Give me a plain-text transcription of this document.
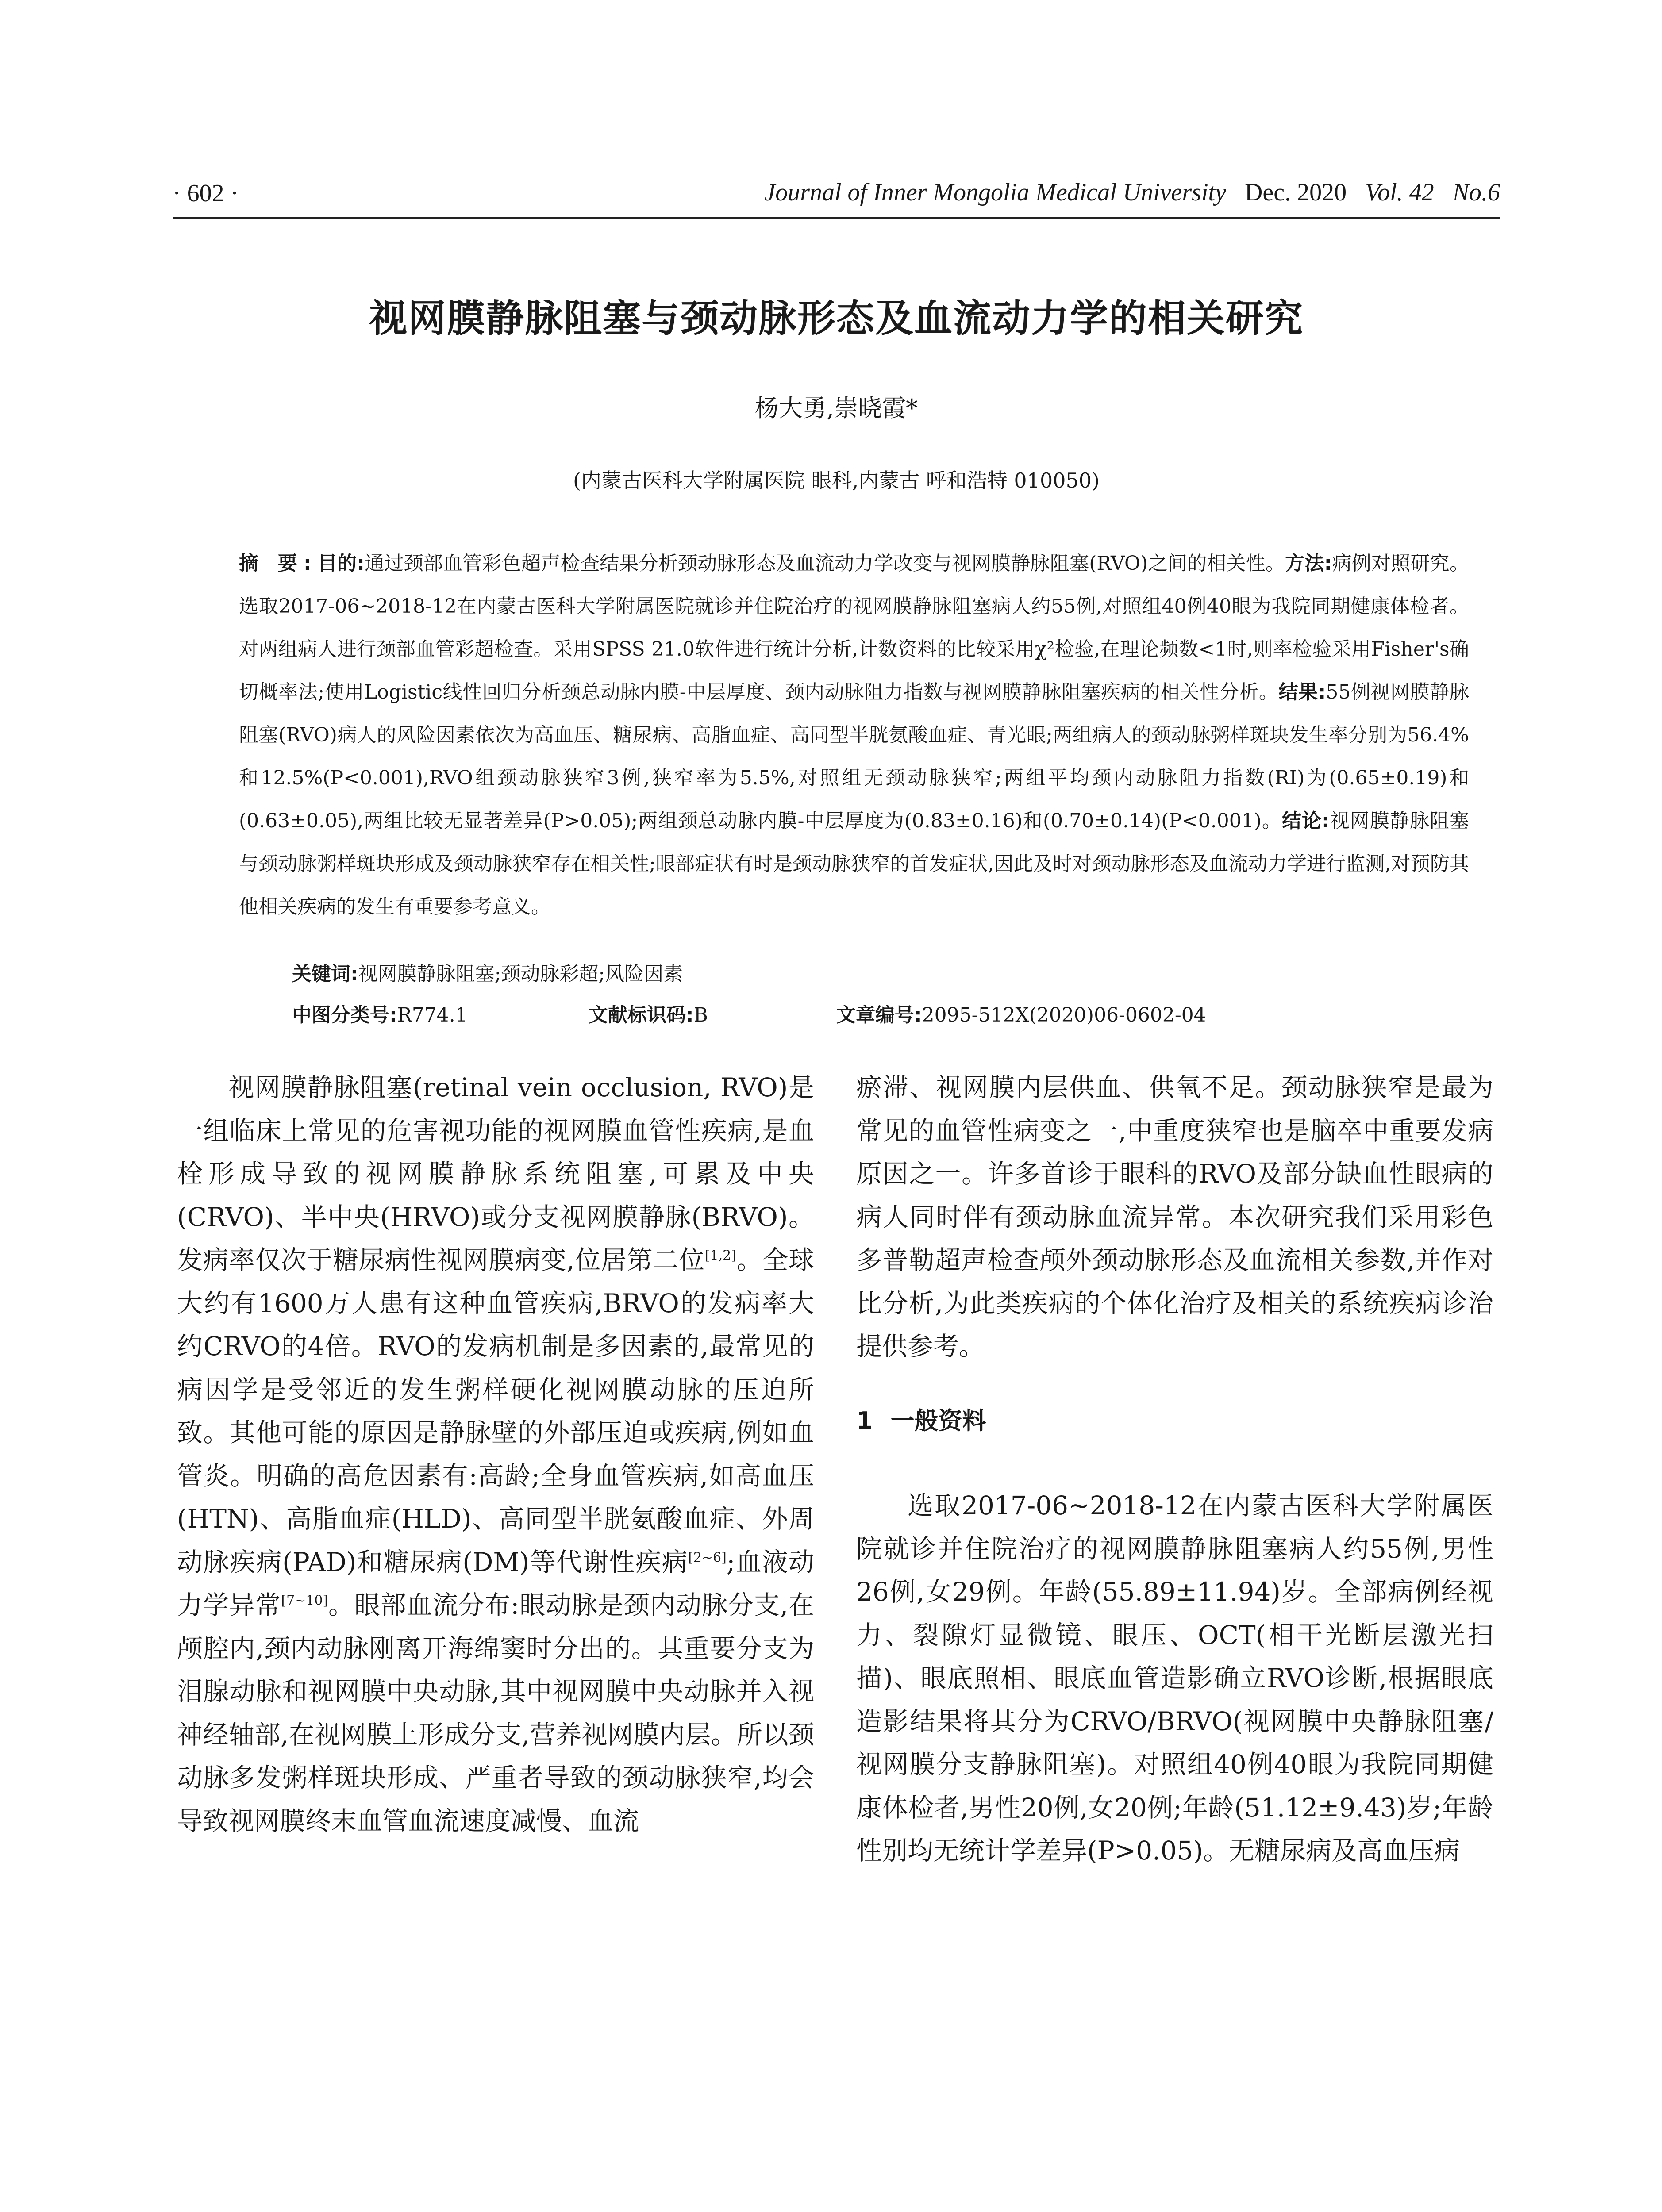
· 602 ·	Journal of Inner Mongolia Medical University Dec. 2020 Vol. 42 No.6
视网膜静脉阻塞与颈动脉形态及血流动力学的相关研究
杨大勇,崇晓霞*
(内蒙古医科大学附属医院 眼科,内蒙古 呼和浩特 010050)
摘 要:目的:通过颈部血管彩色超声检查结果分析颈动脉形态及血流动力学改变与视网膜静脉阻塞(RVO)之间的相关性。方法:病例对照研究。选取2017-06~2018-12在内蒙古医科大学附属医院就诊并住院治疗的视网膜静脉阻塞病人约55例,对照组40例40眼为我院同期健康体检者。对两组病人进行颈部血管彩超检查。采用SPSS 21.0软件进行统计分析,计数资料的比较采用χ²检验,在理论频数<1时,则率检验采用Fisher's确切概率法;使用Logistic线性回归分析颈总动脉内膜-中层厚度、颈内动脉阻力指数与视网膜静脉阻塞疾病的相关性分析。结果:55例视网膜静脉阻塞(RVO)病人的风险因素依次为高血压、糖尿病、高脂血症、高同型半胱氨酸血症、青光眼;两组病人的颈动脉粥样斑块发生率分别为56.4%和12.5%(P<0.001),RVO组颈动脉狭窄3例,狭窄率为5.5%,对照组无颈动脉狭窄;两组平均颈内动脉阻力指数(RI)为(0.65±0.19)和(0.63±0.05),两组比较无显著差异(P>0.05);两组颈总动脉内膜-中层厚度为(0.83±0.16)和(0.70±0.14)(P<0.001)。结论:视网膜静脉阻塞与颈动脉粥样斑块形成及颈动脉狭窄存在相关性;眼部症状有时是颈动脉狭窄的首发症状,因此及时对颈动脉形态及血流动力学进行监测,对预防其他相关疾病的发生有重要参考意义。
关键词:视网膜静脉阻塞;颈动脉彩超;风险因素
中图分类号:R774.1	文献标识码:B	文章编号:2095-512X(2020)06-0602-04

视网膜静脉阻塞(retinal vein occlusion, RVO)是一组临床上常见的危害视功能的视网膜血管性疾病,是血栓形成导致的视网膜静脉系统阻塞,可累及中央(CRVO)、半中央(HRVO)或分支视网膜静脉(BRVO)。发病率仅次于糖尿病性视网膜病变,位居第二位[1,2]。全球大约有1600万人患有这种血管疾病,BRVO的发病率大约CRVO的4倍。RVO的发病机制是多因素的,最常见的病因学是受邻近的发生粥样硬化视网膜动脉的压迫所致。其他可能的原因是静脉壁的外部压迫或疾病,例如血管炎。明确的高危因素有:高龄;全身血管疾病,如高血压(HTN)、高脂血症(HLD)、高同型半胱氨酸血症、外周动脉疾病(PAD)和糖尿病(DM)等代谢性疾病[2~6];血液动力学异常[7~10]。眼部血流分布:眼动脉是颈内动脉分支,在颅腔内,颈内动脉刚离开海绵窦时分出的。其重要分支为泪腺动脉和视网膜中央动脉,其中视网膜中央动脉并入视神经轴部,在视网膜上形成分支,营养视网膜内层。所以颈动脉多发粥样斑块形成、严重者导致的颈动脉狭窄,均会导致视网膜终末血管血流速度减慢、血流

瘀滞、视网膜内层供血、供氧不足。颈动脉狭窄是最为常见的血管性病变之一,中重度狭窄也是脑卒中重要发病原因之一。许多首诊于眼科的RVO及部分缺血性眼病的病人同时伴有颈动脉血流异常。本次研究我们采用彩色多普勒超声检查颅外颈动脉形态及血流相关参数,并作对比分析,为此类疾病的个体化治疗及相关的系统疾病诊治提供参考。

1 一般资料

选取2017-06~2018-12在内蒙古医科大学附属医院就诊并住院治疗的视网膜静脉阻塞病人约55例,男性26例,女29例。年龄(55.89±11.94)岁。全部病例经视力、裂隙灯显微镜、眼压、OCT(相干光断层激光扫描)、眼底照相、眼底血管造影确立RVO诊断,根据眼底造影结果将其分为CRVO/BRVO(视网膜中央静脉阻塞/视网膜分支静脉阻塞)。对照组40例40眼为我院同期健康体检者,男性20例,女20例;年龄(51.12±9.43)岁;年龄性别均无统计学差异(P>0.05)。无糖尿病及高血压病
